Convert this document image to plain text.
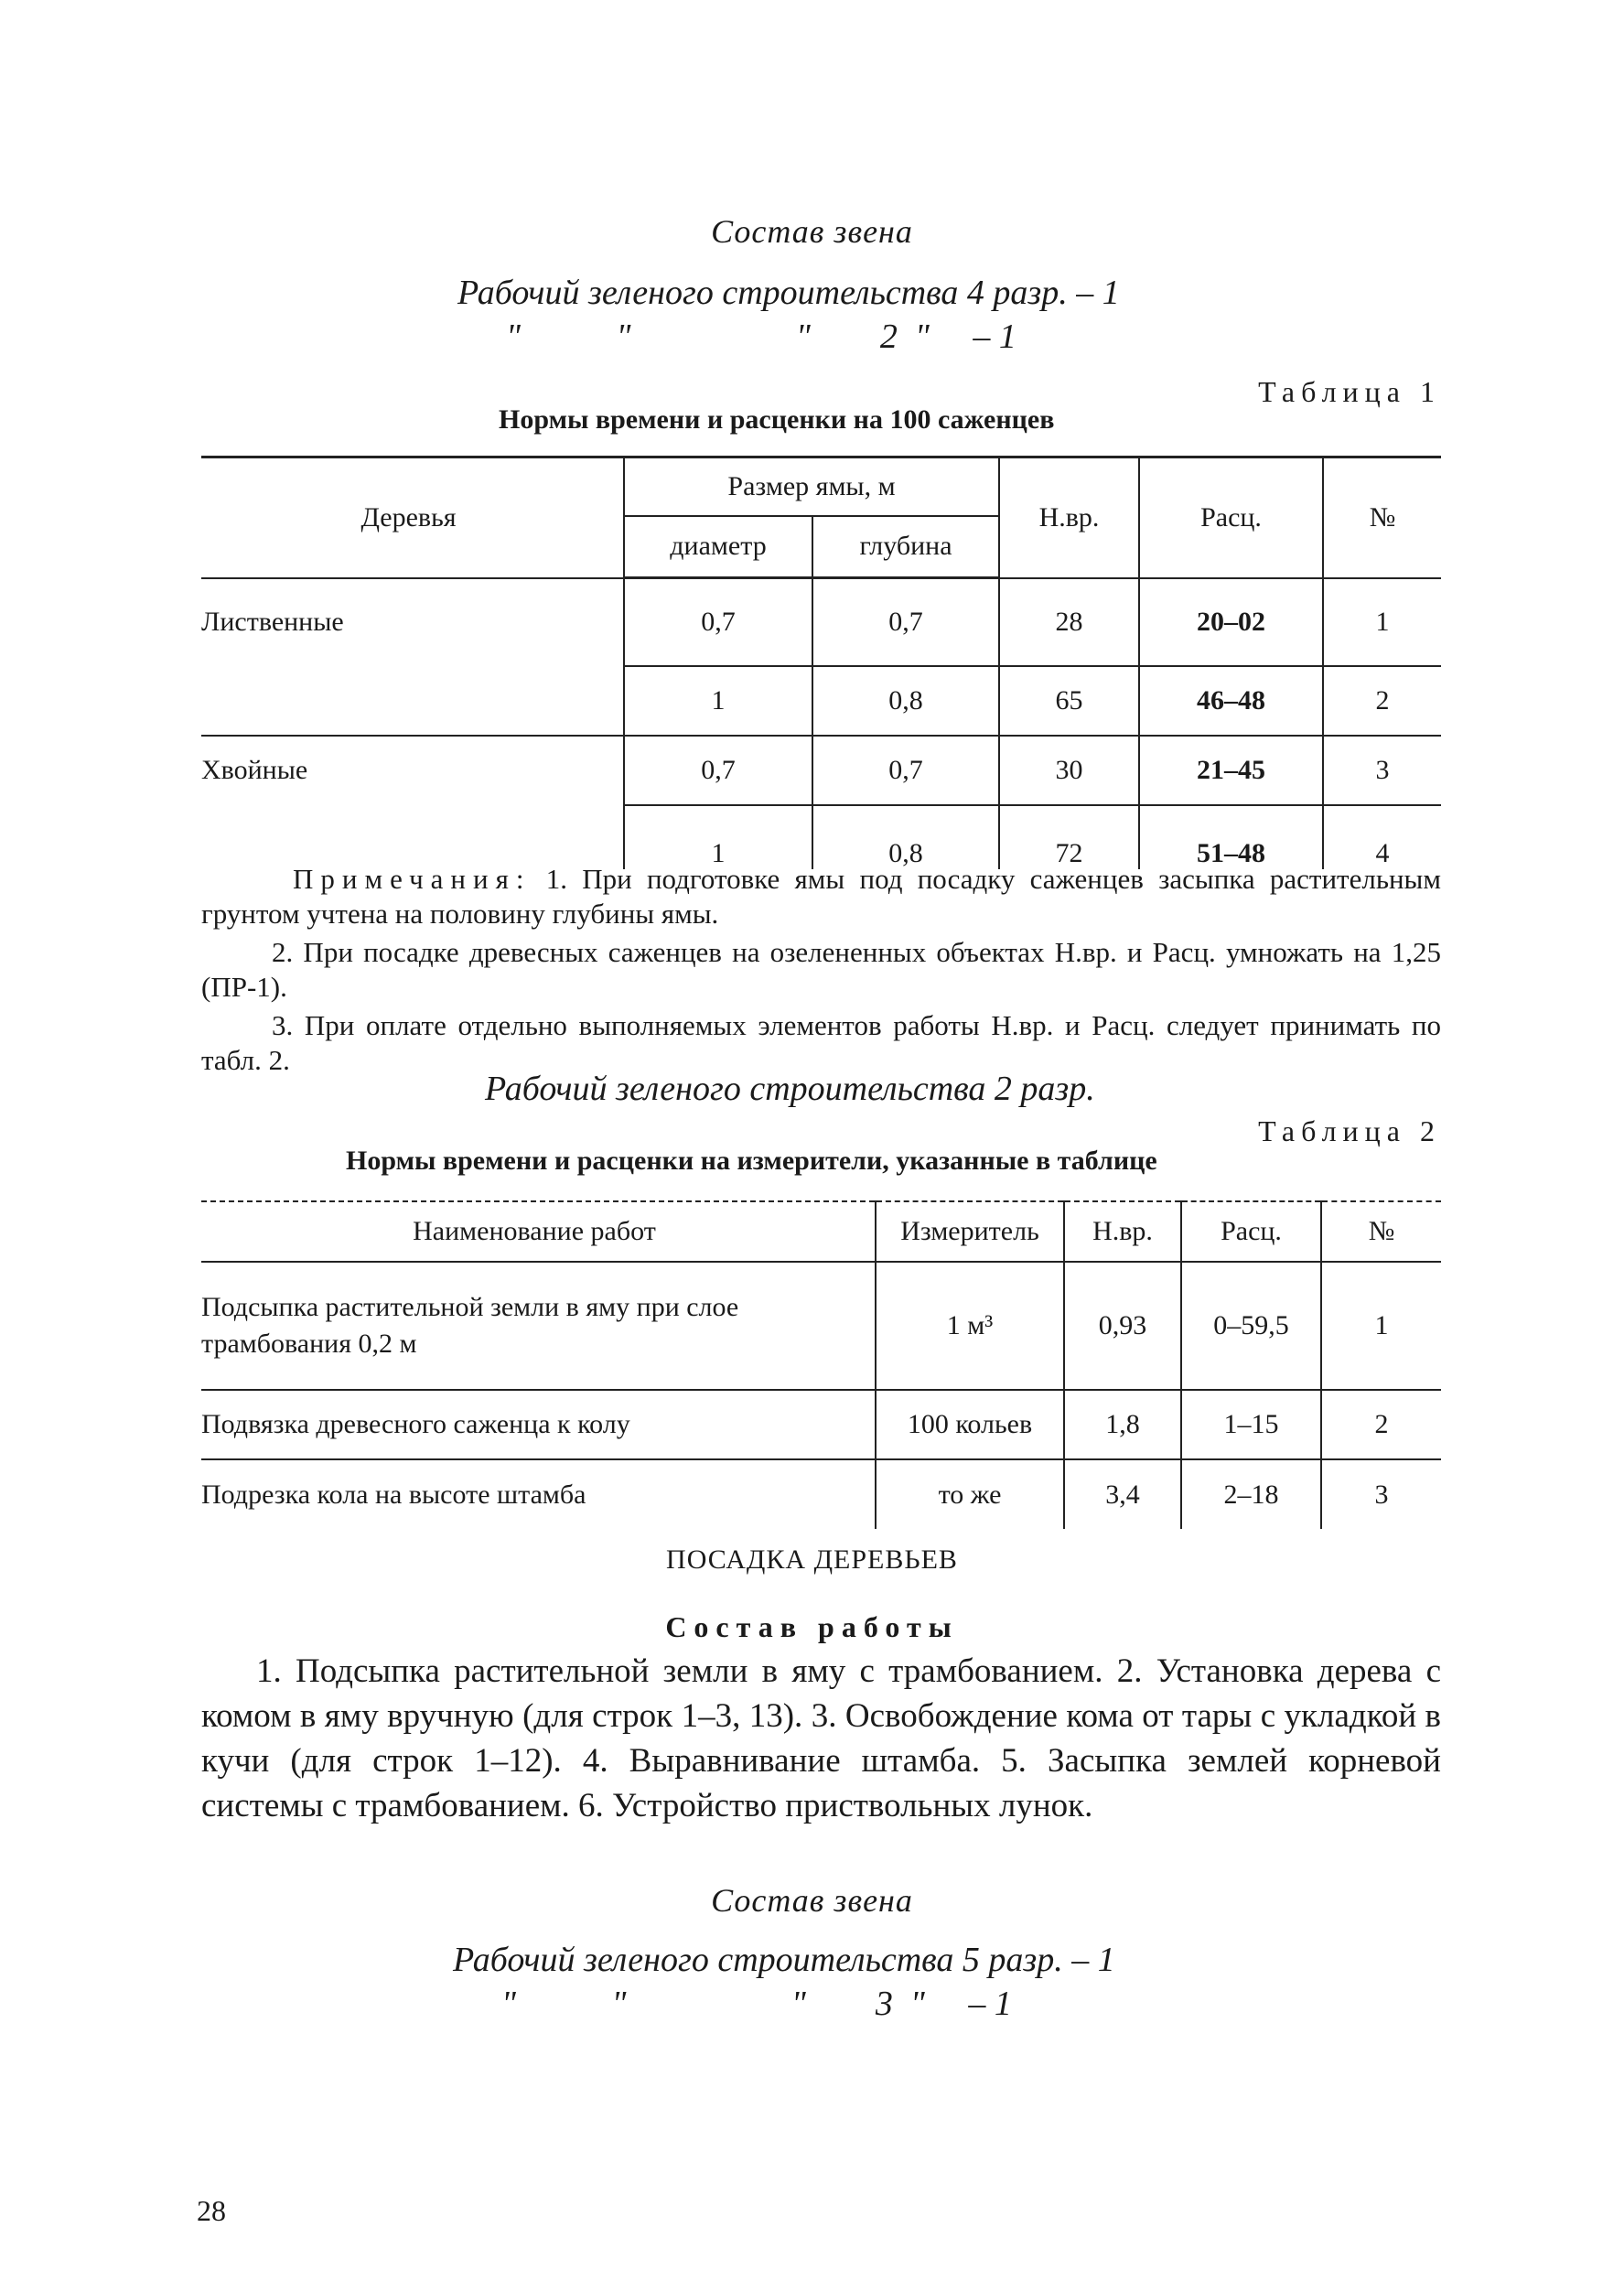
Состав звена
Рабочий зеленого строительства 4 разр. – 1
"           "                   "        2  "     – 1
Таблица 1
Нормы времени и расценки на 100 саженцев
Деревья	Размер ямы, м		Н.вр.	Расц.	№
	диаметр	глубина			
Лиственные	0,7	0,7	28	20–02	1
	1	0,8	65	46–48	2
Хвойные	0,7	0,7	30	21–45	3
	1	0,8	72	51–48	4
Примечания: 1. При подготовке ямы под посадку саженцев засыпка растительным грунтом учтена на половину глубины ямы.
2. При посадке древесных саженцев на озелененных объектах Н.вр. и Расц. умножать на 1,25 (ПР-1).
3. При оплате отдельно выполняемых элементов работы Н.вр. и Расц. следует принимать по табл. 2.
Рабочий зеленого строительства 2 разр.
Таблица 2
Нормы времени и расценки на измерители, указанные в таблице
Наименование работ	Измеритель	Н.вр.	Расц.	№
Подсыпка растительной земли в яму при слое трамбования 0,2 м	1 м³	0,93	0–59,5	1
Подвязка древесного саженца к колу	100 кольев	1,8	1–15	2
Подрезка кола на высоте штамба	то же	3,4	2–18	3
ПОСАДКА ДЕРЕВЬЕВ
Состав работы
1. Подсыпка растительной земли в яму с трамбованием. 2. Установка дерева с комом в яму вручную (для строк 1–3, 13). 3. Освобождение кома от тары с укладкой в кучи (для строк 1–12). 4. Выравнивание штамба. 5. Засыпка землей корневой системы с трамбованием. 6. Устройство приствольных лунок.
Состав звена
Рабочий зеленого строительства 5 разр. – 1
"           "                   "        3  "     – 1
28
